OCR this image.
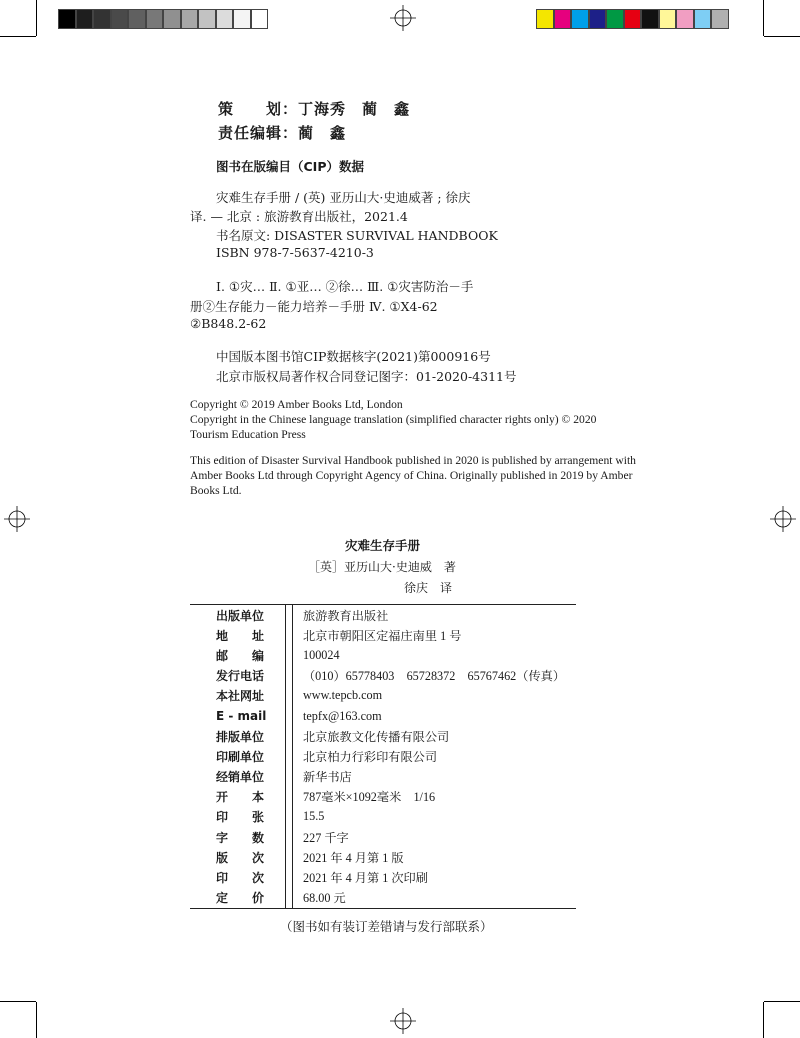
策　　划：丁海秀　蔺　鑫
责任编辑：蔺　鑫
图书在版编目（CIP）数据
灾难生存手册 / (英) 亚历山大·史迪威著 ; 徐庆
译. — 北京 : 旅游教育出版社，2021.4
书名原文: DISASTER SURVIVAL HANDBOOK
ISBN 978-7-5637-4210-3
Ⅰ. ①灾… Ⅱ. ①亚… ②徐… Ⅲ. ①灾害防治－手
册②生存能力－能力培养－手册 Ⅳ. ①X4-62
②B848.2-62
中国版本图书馆CIP数据核字(2021)第000916号
北京市版权局著作权合同登记图字：01-2020-4311号
Copyright © 2019 Amber Books Ltd, London
Copyright in the Chinese language translation (simplified character rights only) © 2020
Tourism Education Press
This edition of Disaster Survival Handbook published in 2020 is published by arrangement with
Amber Books Ltd through Copyright Agency of China. Originally published in 2019 by Amber
Books Ltd.
灾难生存手册
［英］亚历山大·史迪威　著
徐庆　译
出版单位	旅游教育出版社
地　　址	北京市朝阳区定福庄南里 1 号
邮　　编	100024
发行电话	（010）65778403　65728372　65767462（传真）
本社网址	www.tepcb.com
E - mail	tepfx@163.com
排版单位	北京旅教文化传播有限公司
印刷单位	北京柏力行彩印有限公司
经销单位	新华书店
开　　本	787毫米×1092毫米　1/16
印　　张	15.5
字　　数	227 千字
版　　次	2021 年 4 月第 1 版
印　　次	2021 年 4 月第 1 次印刷
定　　价	68.00 元
（图书如有装订差错请与发行部联系）
